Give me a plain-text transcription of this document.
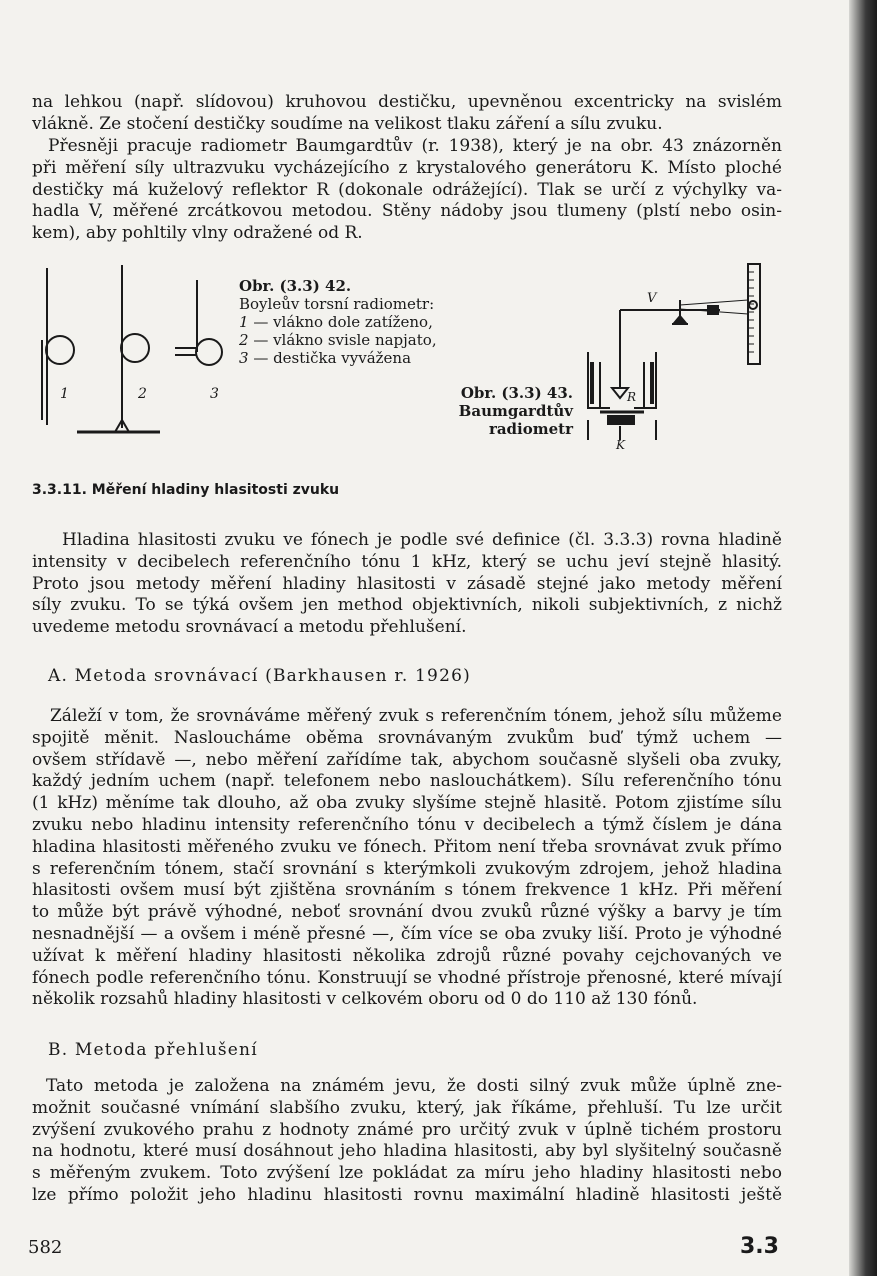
na lehkou (např. slídovou) kruhovou destičku, upevněnou excentricky na svislém
vlákně. Ze stočení destičky soudíme na velikost tlaku záření a sílu zvuku.
Přesněji pracuje radiometr Baumgardtův (r. 1938), který je na obr. 43 znázorněn
při měření síly ultrazvuku vycházejícího z krystalového generátoru K. Místo ploché
destičky má kuželový reflektor R (dokonale odrážející). Tlak se určí z výchylky va-
hadla V, měřené zrcátkovou metodou. Stěny nádoby jsou tlumeny (plstí nebo osin-
kem), aby pohltily vlny odražené od R.
1	2	3
Obr. (3.3) 42.
Boyleův torsní radiometr:
1 — vlákno dole zatíženo,
2 — vlákno svisle napjato,
3 — destička vyvážena
V
R
K
Obr. (3.3) 43.
Baumgardtův
radiometr
3.3.11. Měření hladiny hlasitosti zvuku
Hladina hlasitosti zvuku ve fónech je podle své definice (čl. 3.3.3) rovna hladině
intensity v decibelech referenčního tónu 1 kHz, který se uchu jeví stejně hlasitý.
Proto jsou metody měření hladiny hlasitosti v zásadě stejné jako metody měření
síly zvuku. To se týká ovšem jen method objektivních, nikoli subjektivních, z nichž
uvedeme metodu srovnávací a metodu přehlušení.
A. Metoda srovnávací (Barkhausen r. 1926)
Záleží v tom, že srovnáváme měřený zvuk s referenčním tónem, jehož sílu můžeme
spojitě měnit. Nasloucháme oběma srovnávaným zvukům buď týmž uchem —
ovšem střídavě —, nebo měření zařídíme tak, abychom současně slyšeli oba zvuky,
každý jedním uchem (např. telefonem nebo naslouchátkem). Sílu referenčního tónu
(1 kHz) měníme tak dlouho, až oba zvuky slyšíme stejně hlasitě. Potom zjistíme sílu
zvuku nebo hladinu intensity referenčního tónu v decibelech a týmž číslem je dána
hladina hlasitosti měřeného zvuku ve fónech. Přitom není třeba srovnávat zvuk přímo
s referenčním tónem, stačí srovnání s kterýmkoli zvukovým zdrojem, jehož hladina
hlasitosti ovšem musí být zjištěna srovnáním s tónem frekvence 1 kHz. Při měření
to může být právě výhodné, neboť srovnání dvou zvuků různé výšky a barvy je tím
nesnadnější — a ovšem i méně přesné —, čím více se oba zvuky liší. Proto je výhodné
užívat k měření hladiny hlasitosti několika zdrojů různé povahy cejchovaných ve
fónech podle referenčního tónu. Konstruují se vhodné přístroje přenosné, které mívají
několik rozsahů hladiny hlasitosti v celkovém oboru od 0 do 110 až 130 fónů.
B. Metoda přehlušení
Tato metoda je založena na známém jevu, že dosti silný zvuk může úplně zne-
možnit současné vnímání slabšího zvuku, který, jak říkáme, přehluší. Tu lze určit
zvýšení zvukového prahu z hodnoty známé pro určitý zvuk v úplně tichém prostoru
na hodnotu, které musí dosáhnout jeho hladina hlasitosti, aby byl slyšitelný současně
s měřeným zvukem. Toto zvýšení lze pokládat za míru jeho hladiny hlasitosti nebo
lze přímo položit jeho hladinu hlasitosti rovnu maximální hladině hlasitosti ještě
582	3.3
